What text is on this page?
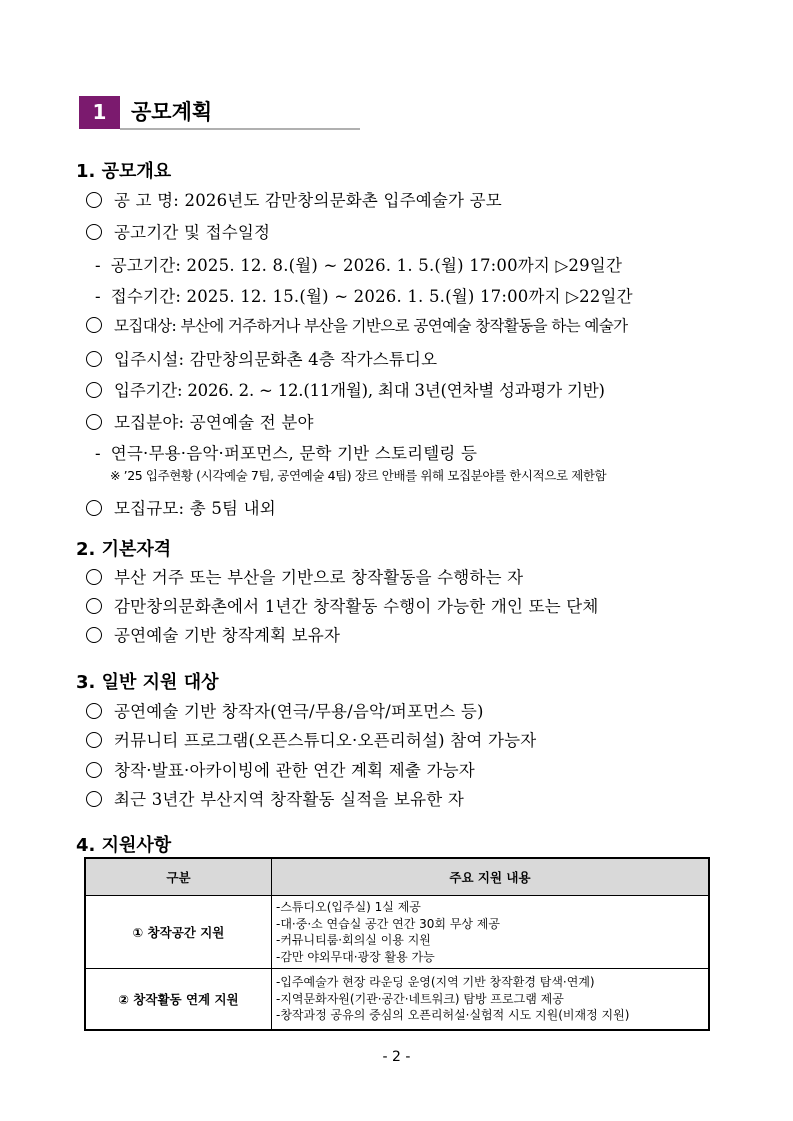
1	공모계획
1. 공모개요
공 고 명: 2026년도 감만창의문화촌 입주예술가 공모
공고기간 및 접수일정
- 공고기간: 2025. 12. 8.(월) ~ 2026. 1. 5.(월) 17:00까지 ▷29일간
- 접수기간: 2025. 12. 15.(월) ~ 2026. 1. 5.(월) 17:00까지 ▷22일간
모집대상: 부산에 거주하거나 부산을 기반으로 공연예술 창작활동을 하는 예술가
입주시설: 감만창의문화촌 4층 작가스튜디오
입주기간: 2026. 2. ~ 12.(11개월), 최대 3년(연차별 성과평가 기반)
모집분야: 공연예술 전 분야
- 연극·무용·음악·퍼포먼스, 문학 기반 스토리텔링 등
※ ’25 입주현황 (시각예술 7팀, 공연예술 4팀) 장르 안배를 위해 모집분야를 한시적으로 제한함
모집규모: 총 5팀 내외
2. 기본자격
부산 거주 또는 부산을 기반으로 창작활동을 수행하는 자
감만창의문화촌에서 1년간 창작활동 수행이 가능한 개인 또는 단체
공연예술 기반 창작계획 보유자
3. 일반 지원 대상
공연예술 기반 창작자(연극/무용/음악/퍼포먼스 등)
커뮤니티 프로그램(오픈스튜디오·오픈리허설) 참여 가능자
창작·발표·아카이빙에 관한 연간 계획 제출 가능자
최근 3년간 부산지역 창작활동 실적을 보유한 자
4. 지원사항
구분	주요 지원 내용
① 창작공간 지원	-스튜디오(입주실) 1실 제공
-대·중·소 연습실 공간 연간 30회 무상 제공
-커뮤니티룸·회의실 이용 지원
-감만 야외무대·광장 활용 가능

② 창작활동 연계 지원	-입주예술가 현장 라운딩 운영(지역 기반 창작환경 탐색·연계)
-지역문화자원(기관·공간·네트워크) 탐방 프로그램 제공
-창작과정 공유의 중심의 오픈리허설·실험적 시도 지원(비재정 지원)
- 2 -
